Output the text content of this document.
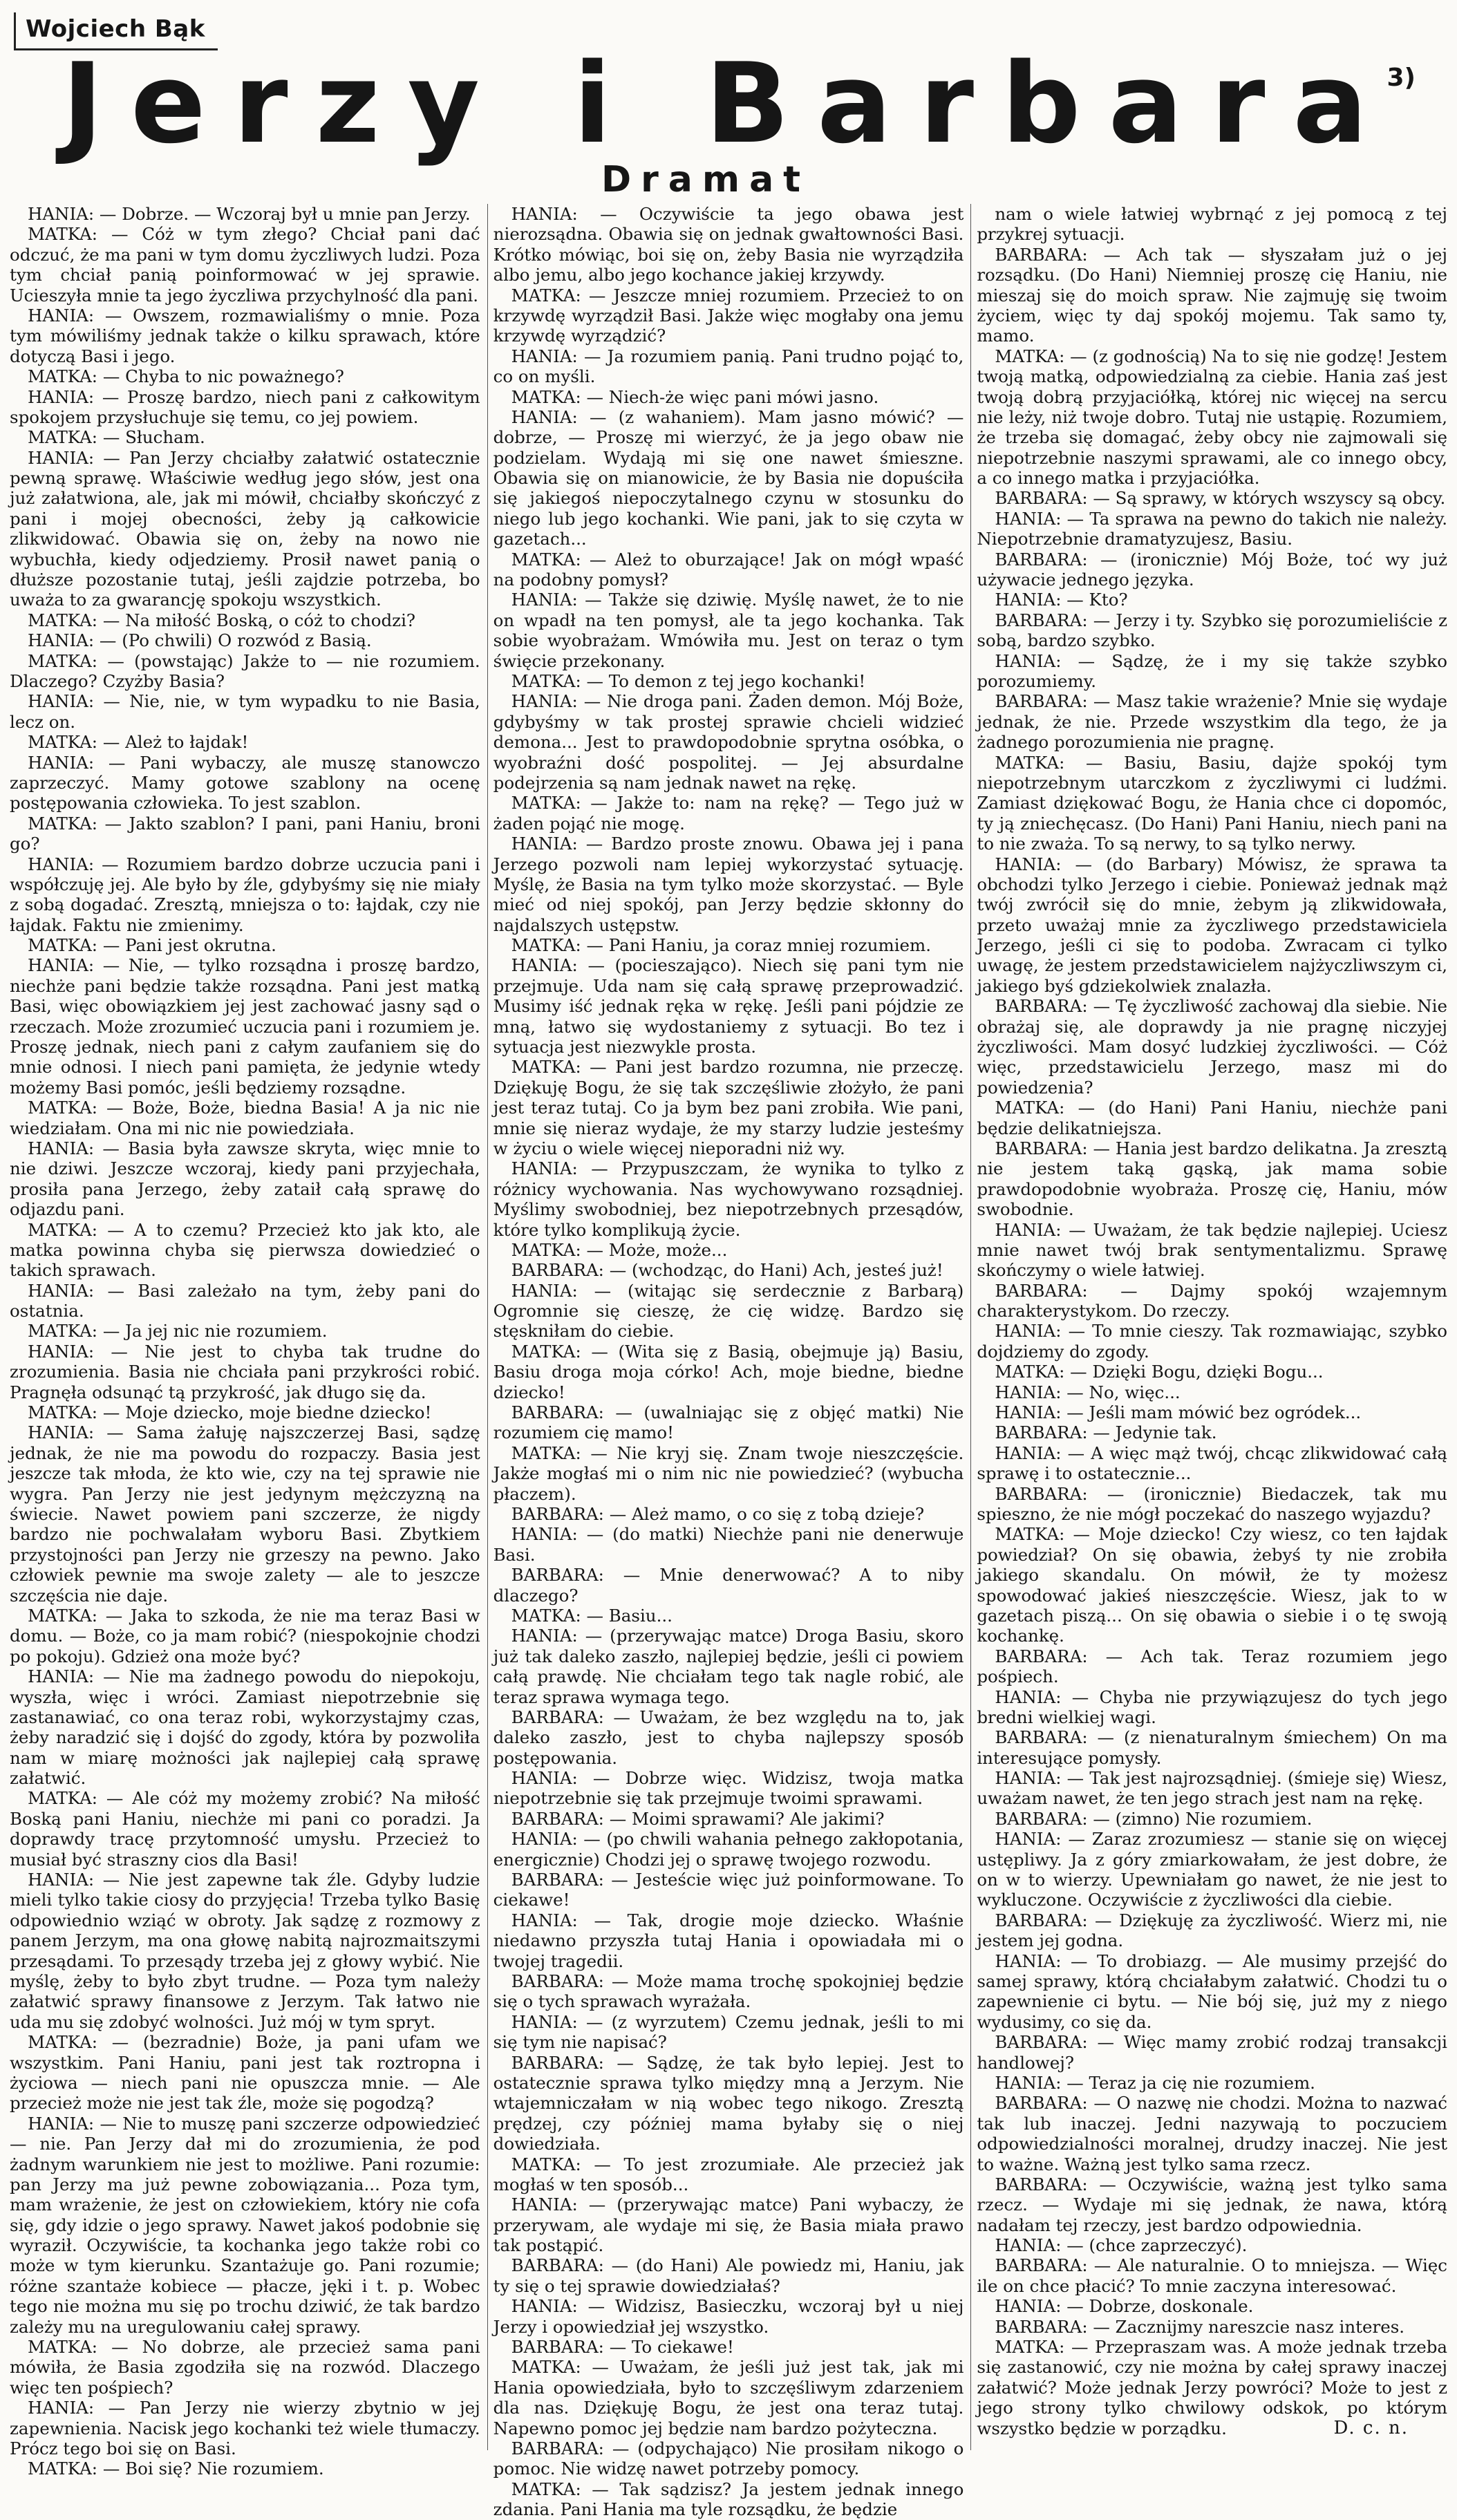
Wojciech Bąk
3)
Jerzy i Barbara
Dramat

HANIA: — Dobrze. — Wczoraj był u mnie pan Jerzy.

MATKA: — Cóż w tym złego? Chciał pani dać odczuć, że ma pani w tym domu życzliwych ludzi. Poza tym chciał panią poinformować w jej sprawie. Ucieszyła mnie ta jego życzliwa przychylność dla pani.

HANIA: — Owszem, rozmawialiśmy o mnie. Poza tym mówiliśmy jednak także o kilku sprawach, które dotyczą Basi i jego.

MATKA: — Chyba to nic poważnego?

HANIA: — Proszę bardzo, niech pani z całkowitym spokojem przysłuchuje się temu, co jej powiem.

MATKA: — Słucham.

HANIA: — Pan Jerzy chciałby załatwić ostatecznie pewną sprawę. Właściwie według jego słów, jest ona już załatwiona, ale, jak mi mówił, chciałby skończyć z pani i mojej obecności, żeby ją całkowicie zlikwidować. Obawia się on, żeby na nowo nie wybuchła, kiedy odjedziemy. Prosił nawet panią o dłuższe pozostanie tutaj, jeśli zajdzie potrzeba, bo uważa to za gwarancję spokoju wszystkich.

MATKA: — Na miłość Boską, o cóż to chodzi?

HANIA: — (Po chwili) O rozwód z Basią.

MATKA: — (powstając) Jakże to — nie rozumiem. Dlaczego? Czyżby Basia?

HANIA: — Nie, nie, w tym wypadku to nie Basia, lecz on.

MATKA: — Ależ to łajdak!

HANIA: — Pani wybaczy, ale muszę stanowczo zaprzeczyć. Mamy gotowe szablony na ocenę postępowania człowieka. To jest szablon.

MATKA: — Jakto szablon? I pani, pani Haniu, broni go?

HANIA: — Rozumiem bardzo dobrze uczucia pani i współczuję jej. Ale było by źle, gdybyśmy się nie miały z sobą dogadać. Zresztą, mniejsza o to: łajdak, czy nie łajdak. Faktu nie zmienimy.

MATKA: — Pani jest okrutna.

HANIA: — Nie, — tylko rozsądna i proszę bardzo, niechże pani będzie także rozsądna. Pani jest matką Basi, więc obowiązkiem jej jest zachować jasny sąd o rzeczach. Może zrozumieć uczucia pani i rozumiem je. Proszę jednak, niech pani z całym zaufaniem się do mnie odnosi. I niech pani pamięta, że jedynie wtedy możemy Basi pomóc, jeśli będziemy rozsądne.

MATKA: — Boże, Boże, biedna Basia! A ja nic nie wiedziałam. Ona mi nic nie powiedziała.

HANIA: — Basia była zawsze skryta, więc mnie to nie dziwi. Jeszcze wczoraj, kiedy pani przyjechała, prosiła pana Jerzego, żeby zataił całą sprawę do odjazdu pani.

MATKA: — A to czemu? Przecież kto jak kto, ale matka powinna chyba się pierwsza dowiedzieć o takich sprawach.

HANIA: — Basi zależało na tym, żeby pani do ostatnia.

MATKA: — Ja jej nic nie rozumiem.

HANIA: — Nie jest to chyba tak trudne do zrozumienia. Basia nie chciała pani przykrości robić. Pragnęła odsunąć tą przykrość, jak długo się da.

MATKA: — Moje dziecko, moje biedne dziecko!

HANIA: — Sama żałuję najszczerzej Basi, sądzę jednak, że nie ma powodu do rozpaczy. Basia jest jeszcze tak młoda, że kto wie, czy na tej sprawie nie wygra. Pan Jerzy nie jest jedynym mężczyzną na świecie. Nawet powiem pani szczerze, że nigdy bardzo nie pochwalałam wyboru Basi. Zbytkiem przystojności pan Jerzy nie grzeszy na pewno. Jako człowiek pewnie ma swoje zalety — ale to jeszcze szczęścia nie daje.

MATKA: — Jaka to szkoda, że nie ma teraz Basi w domu. — Boże, co ja mam robić? (niespokojnie chodzi po pokoju). Gdzież ona może być?

HANIA: — Nie ma żadnego powodu do niepokoju, wyszła, więc i wróci. Zamiast niepotrzebnie się zastanawiać, co ona teraz robi, wykorzystajmy czas, żeby naradzić się i dojść do zgody, która by pozwoliła nam w miarę możności jak najlepiej całą sprawę załatwić.

MATKA: — Ale cóż my możemy zrobić? Na miłość Boską pani Haniu, niechże mi pani co poradzi. Ja doprawdy tracę przytomność umysłu. Przecież to musiał być straszny cios dla Basi!

HANIA: — Nie jest zapewne tak źle. Gdyby ludzie mieli tylko takie ciosy do przyjęcia! Trzeba tylko Basię odpowiednio wziąć w obroty. Jak sądzę z rozmowy z panem Jerzym, ma ona głowę nabitą najrozmaitszymi przesądami. To przesądy trzeba jej z głowy wybić. Nie myślę, żeby to było zbyt trudne. — Poza tym należy załatwić sprawy finansowe z Jerzym. Tak łatwo nie uda mu się zdobyć wolności. Już mój w tym spryt.

MATKA: — (bezradnie) Boże, ja pani ufam we wszystkim. Pani Haniu, pani jest tak roztropna i życiowa — niech pani nie opuszcza mnie. — Ale przecież może nie jest tak źle, może się pogodzą?

HANIA: — Nie to muszę pani szczerze odpowiedzieć — nie. Pan Jerzy dał mi do zrozumienia, że pod żadnym warunkiem nie jest to możliwe. Pani rozumie: pan Jerzy ma już pewne zobowiązania... Poza tym, mam wrażenie, że jest on człowiekiem, który nie cofa się, gdy idzie o jego sprawy. Nawet jakoś podobnie się wyraził. Oczywiście, ta kochanka jego także robi co może w tym kierunku. Szantażuje go. Pani rozumie; różne szantaże kobiece — płacze, jęki i t. p. Wobec tego nie można mu się po trochu dziwić, że tak bardzo zależy mu na uregulowaniu całej sprawy.

MATKA: — No dobrze, ale przecież sama pani mówiła, że Basia zgodziła się na rozwód. Dlaczego więc ten pośpiech?

HANIA: — Pan Jerzy nie wierzy zbytnio w jej zapewnienia. Nacisk jego kochanki też wiele tłumaczy. Prócz tego boi się on Basi.

MATKA: — Boi się? Nie rozumiem.

HANIA: — Oczywiście ta jego obawa jest nierozsądna. Obawia się on jednak gwałtowności Basi. Krótko mówiąc, boi się on, żeby Basia nie wyrządziła albo jemu, albo jego kochance jakiej krzywdy.

MATKA: — Jeszcze mniej rozumiem. Przecież to on krzywdę wyrządził Basi. Jakże więc mogłaby ona jemu krzywdę wyrządzić?

HANIA: — Ja rozumiem panią. Pani trudno pojąć to, co on myśli.

MATKA: — Niech-że więc pani mówi jasno.

HANIA: — (z wahaniem). Mam jasno mówić? — dobrze, — Proszę mi wierzyć, że ja jego obaw nie podzielam. Wydają mi się one nawet śmieszne. Obawia się on mianowicie, że by Basia nie dopuściła się jakiegoś niepoczytalnego czynu w stosunku do niego lub jego kochanki. Wie pani, jak to się czyta w gazetach...

MATKA: — Ależ to oburzające! Jak on mógł wpaść na podobny pomysł?

HANIA: — Także się dziwię. Myślę nawet, że to nie on wpadł na ten pomysł, ale ta jego kochanka. Tak sobie wyobrażam. Wmówiła mu. Jest on teraz o tym święcie przekonany.

MATKA: — To demon z tej jego kochanki!

HANIA: — Nie droga pani. Żaden demon. Mój Boże, gdybyśmy w tak prostej sprawie chcieli widzieć demona... Jest to prawdopodobnie sprytna osóbka, o wyobraźni dość pospolitej. — Jej absurdalne podejrzenia są nam jednak nawet na rękę.

MATKA: — Jakże to: nam na rękę? — Tego już w żaden pojąć nie mogę.

HANIA: — Bardzo proste znowu. Obawa jej i pana Jerzego pozwoli nam lepiej wykorzystać sytuację. Myślę, że Basia na tym tylko może skorzystać. — Byle mieć od niej spokój, pan Jerzy będzie skłonny do najdalszych ustępstw.

MATKA: — Pani Haniu, ja coraz mniej rozumiem.

HANIA: — (pocieszająco). Niech się pani tym nie przejmuje. Uda nam się całą sprawę przeprowadzić. Musimy iść jednak ręka w rękę. Jeśli pani pójdzie ze mną, łatwo się wydostaniemy z sytuacji. Bo tez i sytuacja jest niezwykle prosta.

MATKA: — Pani jest bardzo rozumna, nie przeczę. Dziękuję Bogu, że się tak szczęśliwie złożyło, że pani jest teraz tutaj. Co ja bym bez pani zrobiła. Wie pani, mnie się nieraz wydaje, że my starzy ludzie jesteśmy w życiu o wiele więcej nieporadni niż wy.

HANIA: — Przypuszczam, że wynika to tylko z różnicy wychowania. Nas wychowywano rozsądniej. Myślimy swobodniej, bez niepotrzebnych przesądów, które tylko komplikują życie.

MATKA: — Może, może...

BARBARA: — (wchodząc, do Hani) Ach, jesteś już!

HANIA: — (witając się serdecznie z Barbarą) Ogromnie się cieszę, że cię widzę. Bardzo się stęskniłam do ciebie.

MATKA: — (Wita się z Basią, obejmuje ją) Basiu, Basiu droga moja córko! Ach, moje biedne, biedne dziecko!

BARBARA: — (uwalniając się z objęć matki) Nie rozumiem cię mamo!

MATKA: — Nie kryj się. Znam twoje nieszczęście. Jakże mogłaś mi o nim nic nie powiedzieć? (wybucha płaczem).

BARBARA: — Ależ mamo, o co się z tobą dzieje?

HANIA: — (do matki) Niechże pani nie denerwuje Basi.

BARBARA: — Mnie denerwować? A to niby dlaczego?

MATKA: — Basiu...

HANIA: — (przerywając matce) Droga Basiu, skoro już tak daleko zaszło, najlepiej będzie, jeśli ci powiem całą prawdę. Nie chciałam tego tak nagle robić, ale teraz sprawa wymaga tego.

BARBARA: — Uważam, że bez względu na to, jak daleko zaszło, jest to chyba najlepszy sposób postępowania.

HANIA: — Dobrze więc. Widzisz, twoja matka niepotrzebnie się tak przejmuje twoimi sprawami.

BARBARA: — Moimi sprawami? Ale jakimi?

HANIA: — (po chwili wahania pełnego zakłopotania, energicznie) Chodzi jej o sprawę twojego rozwodu.

BARBARA: — Jesteście więc już poinformowane. To ciekawe!

HANIA: — Tak, drogie moje dziecko. Właśnie niedawno przyszła tutaj Hania i opowiadała mi o twojej tragedii.

BARBARA: — Może mama trochę spokojniej będzie się o tych sprawach wyrażała.

HANIA: — (z wyrzutem) Czemu jednak, jeśli to mi się tym nie napisać?

BARBARA: — Sądzę, że tak było lepiej. Jest to ostatecznie sprawa tylko między mną a Jerzym. Nie wtajemniczałam w nią wobec tego nikogo. Zresztą prędzej, czy później mama byłaby się o niej dowiedziała.

MATKA: — To jest zrozumiałe. Ale przecież jak mogłaś w ten sposób...

HANIA: — (przerywając matce) Pani wybaczy, że przerywam, ale wydaje mi się, że Basia miała prawo tak postąpić.

BARBARA: — (do Hani) Ale powiedz mi, Haniu, jak ty się o tej sprawie dowiedziałaś?

HANIA: — Widzisz, Basieczku, wczoraj był u niej Jerzy i opowiedział jej wszystko.

BARBARA: — To ciekawe!

MATKA: — Uważam, że jeśli już jest tak, jak mi Hania opowiedziała, było to szczęśliwym zdarzeniem dla nas. Dziękuję Bogu, że jest ona teraz tutaj. Napewno pomoc jej będzie nam bardzo pożyteczna.

BARBARA: — (odpychająco) Nie prosiłam nikogo o pomoc. Nie widzę nawet potrzeby pomocy.

MATKA: — Tak sądzisz? Ja jestem jednak innego zdania. Pani Hania ma tyle rozsądku, że będzie

nam o wiele łatwiej wybrnąć z jej pomocą z tej przykrej sytuacji.

BARBARA: — Ach tak — słyszałam już o jej rozsądku. (Do Hani) Niemniej proszę cię Haniu, nie mieszaj się do moich spraw. Nie zajmuję się twoim życiem, więc ty daj spokój mojemu. Tak samo ty, mamo.

MATKA: — (z godnością) Na to się nie godzę! Jestem twoją matką, odpowiedzialną za ciebie. Hania zaś jest twoją dobrą przyjaciółką, której nic więcej na sercu nie leży, niż twoje dobro. Tutaj nie ustąpię. Rozumiem, że trzeba się domagać, żeby obcy nie zajmowali się niepotrzebnie naszymi sprawami, ale co innego obcy, a co innego matka i przyjaciółka.

BARBARA: — Są sprawy, w których wszyscy są obcy.

HANIA: — Ta sprawa na pewno do takich nie należy. Niepotrzebnie dramatyzujesz, Basiu.

BARBARA: — (ironicznie) Mój Boże, toć wy już używacie jednego języka.

HANIA: — Kto?

BARBARA: — Jerzy i ty. Szybko się porozumieliście z sobą, bardzo szybko.

HANIA: — Sądzę, że i my się także szybko porozumiemy.

BARBARA: — Masz takie wrażenie? Mnie się wydaje jednak, że nie. Przede wszystkim dla tego, że ja żadnego porozumienia nie pragnę.

MATKA: — Basiu, Basiu, dajże spokój tym niepotrzebnym utarczkom z życzliwymi ci ludźmi. Zamiast dziękować Bogu, że Hania chce ci dopomóc, ty ją zniechęcasz. (Do Hani) Pani Haniu, niech pani na to nie zważa. To są nerwy, to są tylko nerwy.

HANIA: — (do Barbary) Mówisz, że sprawa ta obchodzi tylko Jerzego i ciebie. Ponieważ jednak mąż twój zwrócił się do mnie, żebym ją zlikwidowała, przeto uważaj mnie za życzliwego przedstawiciela Jerzego, jeśli ci się to podoba. Zwracam ci tylko uwagę, że jestem przedstawicielem najżyczliwszym ci, jakiego byś gdziekolwiek znalazła.

BARBARA: — Tę życzliwość zachowaj dla siebie. Nie obrażaj się, ale doprawdy ja nie pragnę niczyjej życzliwości. Mam dosyć ludzkiej życzliwości. — Cóż więc, przedstawicielu Jerzego, masz mi do powiedzenia?

MATKA: — (do Hani) Pani Haniu, niechże pani będzie delikatniejsza.

BARBARA: — Hania jest bardzo delikatna. Ja zresztą nie jestem taką gąską, jak mama sobie prawdopodobnie wyobraża. Proszę cię, Haniu, mów swobodnie.

HANIA: — Uważam, że tak będzie najlepiej. Uciesz mnie nawet twój brak sentymentalizmu. Sprawę skończymy o wiele łatwiej.

BARBARA: — Dajmy spokój wzajemnym charakterystykom. Do rzeczy.

HANIA: — To mnie cieszy. Tak rozmawiając, szybko dojdziemy do zgody.

MATKA: — Dzięki Bogu, dzięki Bogu...

HANIA: — No, więc...

HANIA: — Jeśli mam mówić bez ogródek...

BARBARA: — Jedynie tak.

HANIA: — A więc mąż twój, chcąc zlikwidować całą sprawę i to ostatecznie...

BARBARA: — (ironicznie) Biedaczek, tak mu spieszno, że nie mógł poczekać do naszego wyjazdu?

MATKA: — Moje dziecko! Czy wiesz, co ten łajdak powiedział? On się obawia, żebyś ty nie zrobiła jakiego skandalu. On mówił, że ty możesz spowodować jakieś nieszczęście. Wiesz, jak to w gazetach piszą... On się obawia o siebie i o tę swoją kochankę.

BARBARA: — Ach tak. Teraz rozumiem jego pośpiech.

HANIA: — Chyba nie przywiązujesz do tych jego bredni wielkiej wagi.

BARBARA: — (z nienaturalnym śmiechem) On ma interesujące pomysły.

HANIA: — Tak jest najrozsądniej. (śmieje się) Wiesz, uważam nawet, że ten jego strach jest nam na rękę.

BARBARA: — (zimno) Nie rozumiem.

HANIA: — Zaraz zrozumiesz — stanie się on więcej ustępliwy. Ja z góry zmiarkowałam, że jest dobre, że on w to wierzy. Upewniałam go nawet, że nie jest to wykluczone. Oczywiście z życzliwości dla ciebie.

BARBARA: — Dziękuję za życzliwość. Wierz mi, nie jestem jej godna.

HANIA: — To drobiazg. — Ale musimy przejść do samej sprawy, którą chciałabym załatwić. Chodzi tu o zapewnienie ci bytu. — Nie bój się, już my z niego wydusimy, co się da.

BARBARA: — Więc mamy zrobić rodzaj transakcji handlowej?

HANIA: — Teraz ja cię nie rozumiem.

BARBARA: — O nazwę nie chodzi. Można to nazwać tak lub inaczej. Jedni nazywają to poczuciem odpowiedzialności moralnej, drudzy inaczej. Nie jest to ważne. Ważną jest tylko sama rzecz.

BARBARA: — Oczywiście, ważną jest tylko sama rzecz. — Wydaje mi się jednak, że nawa, którą nadałam tej rzeczy, jest bardzo odpowiednia.

HANIA: — (chce zaprzeczyć).

BARBARA: — Ale naturalnie. O to mniejsza. — Więc ile on chce płacić? To mnie zaczyna interesować.

HANIA: — Dobrze, doskonale.

BARBARA: — Zacznijmy nareszcie nasz interes.

MATKA: — Przepraszam was. A może jednak trzeba się zastanowić, czy nie można by całej sprawy inaczej załatwić? Może jednak Jerzy powróci? Może to jest z jego strony tylko chwilowy odskok, po którym wszystko będzie w porządku.	D. c. n.
